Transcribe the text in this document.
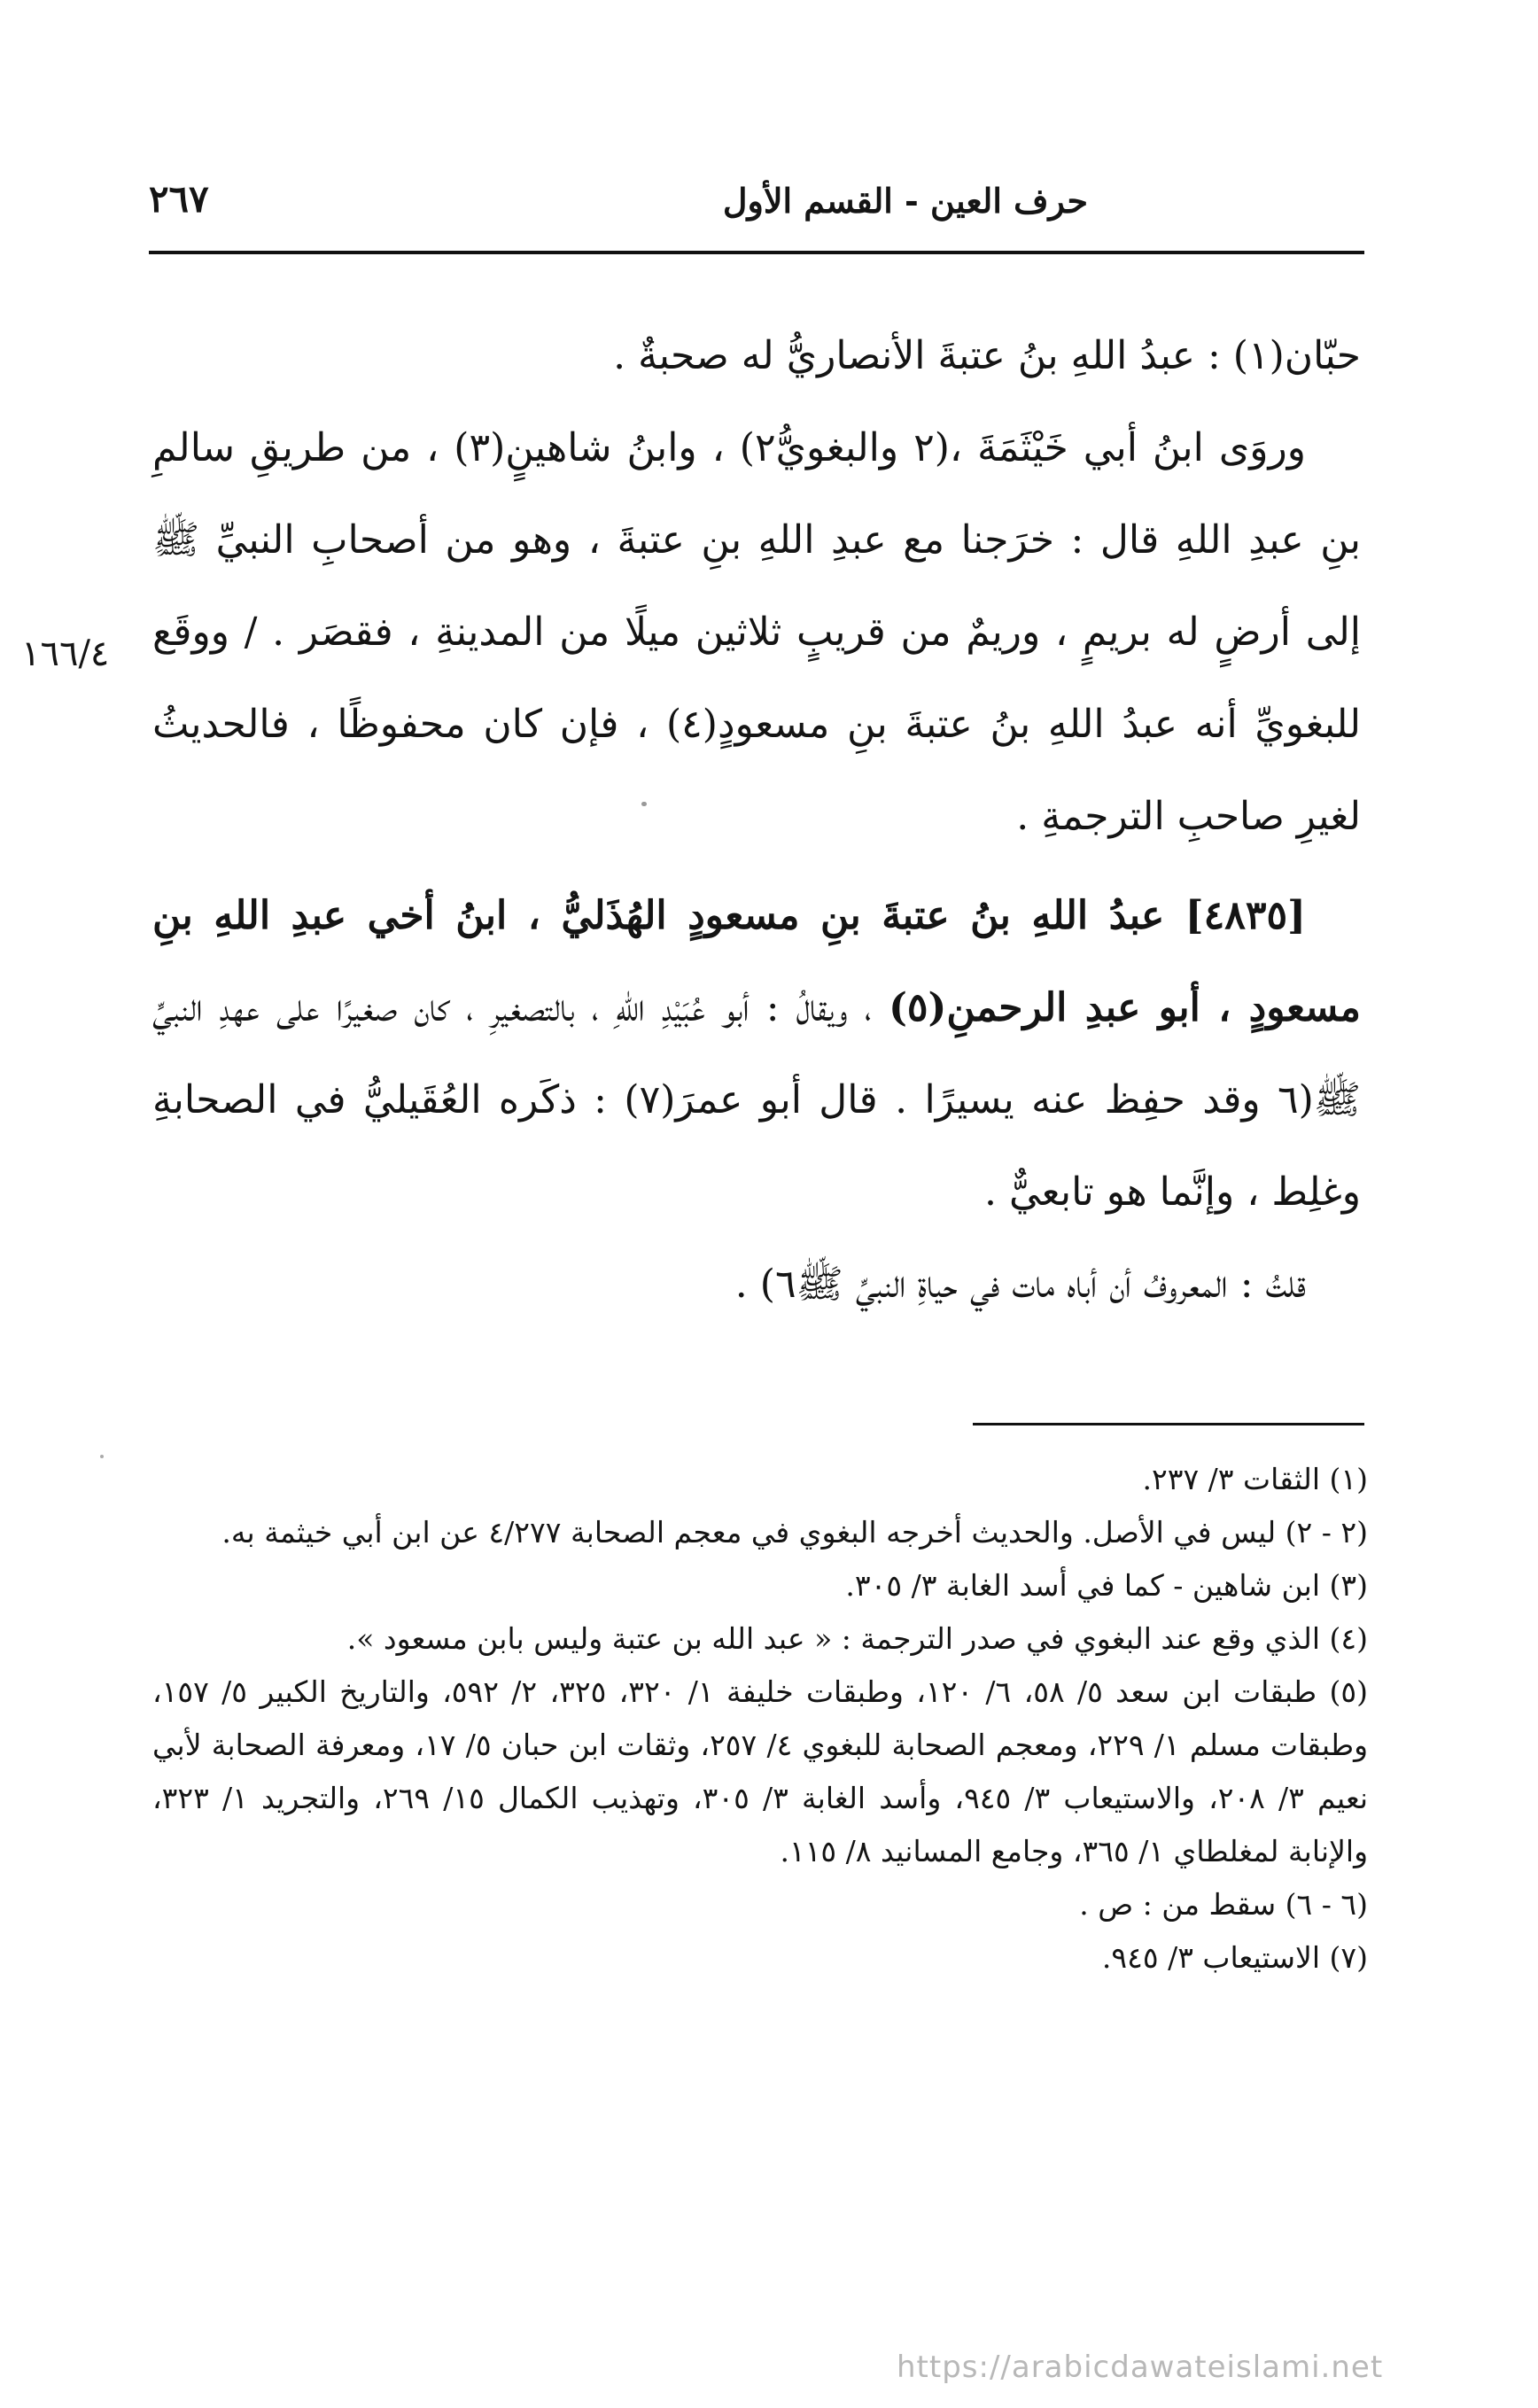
حرف العين - القسم الأول
٢٦٧

حبّان(١) : عبدُ اللهِ بنُ عتبةَ الأنصاريُّ له صحبةٌ .

وروَى ابنُ أبي خَيْثَمَةَ ،(٢ والبغويُّ٢) ، وابنُ شاهينٍ(٣) ، من طريقِ سالمِ بنِ عبدِ اللهِ قال : خرَجنا مع عبدِ اللهِ بنِ عتبةَ ، وهو من أصحابِ النبيِّ ﷺ إلى أرضٍ له بريمٍ ، وريمٌ من قريبٍ ثلاثين ميلًا من المدينةِ ، فقصَر . / ووقَع للبغويِّ أنه عبدُ اللهِ بنُ عتبةَ بنِ مسعودٍ(٤) ، فإن كان محفوظًا ، فالحديثُ لغيرِ صاحبِ الترجمةِ .

[٤٨٣٥] عبدُ اللهِ بنُ عتبةَ بنِ مسعودٍ الهُذَليُّ ، ابنُ أخي عبدِ اللهِ بنِ مسعودٍ ، أبو عبدِ الرحمنِ(٥) ، ويقالُ : أبو عُبَيْدِ اللهِ ، بالتصغيرِ ، كان صغيرًا على عهدِ النبيِّ ﷺ(٦ وقد حفِظ عنه يسيرًا . قال أبو عمرَ(٧) : ذكَره العُقَيليُّ في الصحابةِ وغلِط ، وإنَّما هو تابعيٌّ .

قلتُ : المعروفُ أن أباه مات في حياةِ النبيِّ ﷺ٦) .

١٦٦/٤

(١) الثقات ٣/ ٢٣٧.

(٢ - ٢) ليس في الأصل. والحديث أخرجه البغوي في معجم الصحابة ٤/٢٧٧ عن ابن أبي خيثمة به.

(٣) ابن شاهين - كما في أسد الغابة ٣/ ٣٠٥.

(٤) الذي وقع عند البغوي في صدر الترجمة : « عبد الله بن عتبة وليس بابن مسعود ».

(٥) طبقات ابن سعد ٥/ ٥٨، ٦/ ١٢٠، وطبقات خليفة ١/ ٣٢٠، ٣٢٥، ٢/ ٥٩٢، والتاريخ الكبير ٥/ ١٥٧، وطبقات مسلم ١/ ٢٢٩، ومعجم الصحابة للبغوي ٤/ ٢٥٧، وثقات ابن حبان ٥/ ١٧، ومعرفة الصحابة لأبي نعيم ٣/ ٢٠٨، والاستيعاب ٣/ ٩٤٥، وأسد الغابة ٣/ ٣٠٥، وتهذيب الكمال ١٥/ ٢٦٩، والتجريد ١/ ٣٢٣، والإنابة لمغلطاي ١/ ٣٦٥، وجامع المسانيد ٨/ ١١٥.

(٦ - ٦) سقط من : ص .

(٧) الاستيعاب ٣/ ٩٤٥.

https://arabicdawateislami.net
